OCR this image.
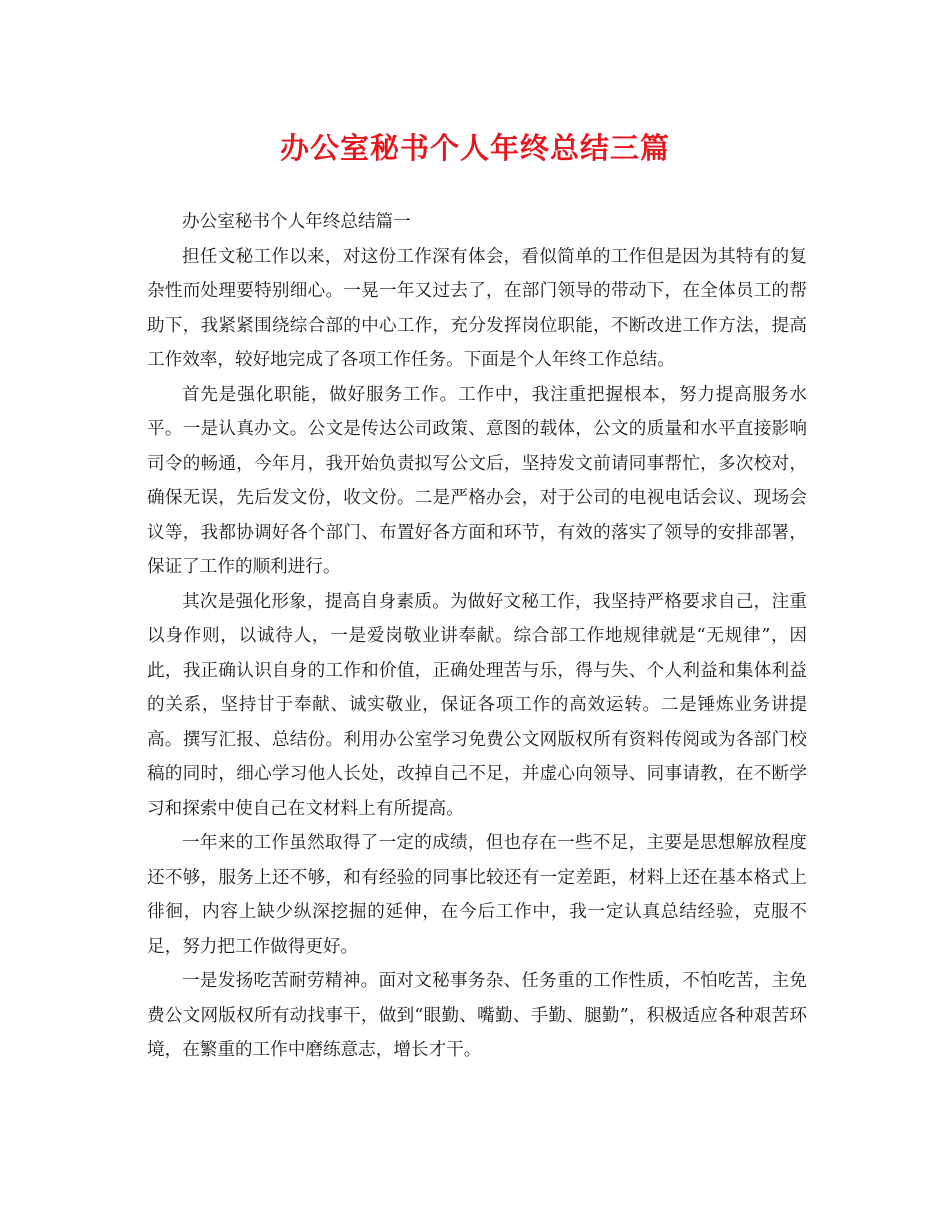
办公室秘书个人年终总结三篇

办公室秘书个人年终总结篇一

担任文秘工作以来，对这份工作深有体会，看似简单的工作但是因为其特有的复杂性而处理要特别细心。一晃一年又过去了，在部门领导的带动下，在全体员工的帮助下，我紧紧围绕综合部的中心工作，充分发挥岗位职能，不断改进工作方法，提高工作效率，较好地完成了各项工作任务。下面是个人年终工作总结。

首先是强化职能，做好服务工作。工作中，我注重把握根本，努力提高服务水平。一是认真办文。公文是传达公司政策、意图的载体，公文的质量和水平直接影响司令的畅通，今年月，我开始负责拟写公文后，坚持发文前请同事帮忙，多次校对，确保无误，先后发文份，收文份。二是严格办会，对于公司的电视电话会议、现场会议等，我都协调好各个部门、布置好各方面和环节，有效的落实了领导的安排部署，保证了工作的顺利进行。

其次是强化形象，提高自身素质。为做好文秘工作，我坚持严格要求自己，注重以身作则，以诚待人，一是爱岗敬业讲奉献。综合部工作地规律就是“无规律”，因此，我正确认识自身的工作和价值，正确处理苦与乐，得与失、个人利益和集体利益的关系，坚持甘于奉献、诚实敬业，保证各项工作的高效运转。二是锤炼业务讲提高。撰写汇报、总结份。利用办公室学习免费公文网版权所有资料传阅或为各部门校稿的同时，细心学习他人长处，改掉自己不足，并虚心向领导、同事请教，在不断学习和探索中使自己在文材料上有所提高。

一年来的工作虽然取得了一定的成绩，但也存在一些不足，主要是思想解放程度还不够，服务上还不够，和有经验的同事比较还有一定差距，材料上还在基本格式上徘徊，内容上缺少纵深挖掘的延伸，在今后工作中，我一定认真总结经验，克服不足，努力把工作做得更好。

一是发扬吃苦耐劳精神。面对文秘事务杂、任务重的工作性质，不怕吃苦，主免费公文网版权所有动找事干，做到“眼勤、嘴勤、手勤、腿勤”，积极适应各种艰苦环境，在繁重的工作中磨练意志，增长才干。
